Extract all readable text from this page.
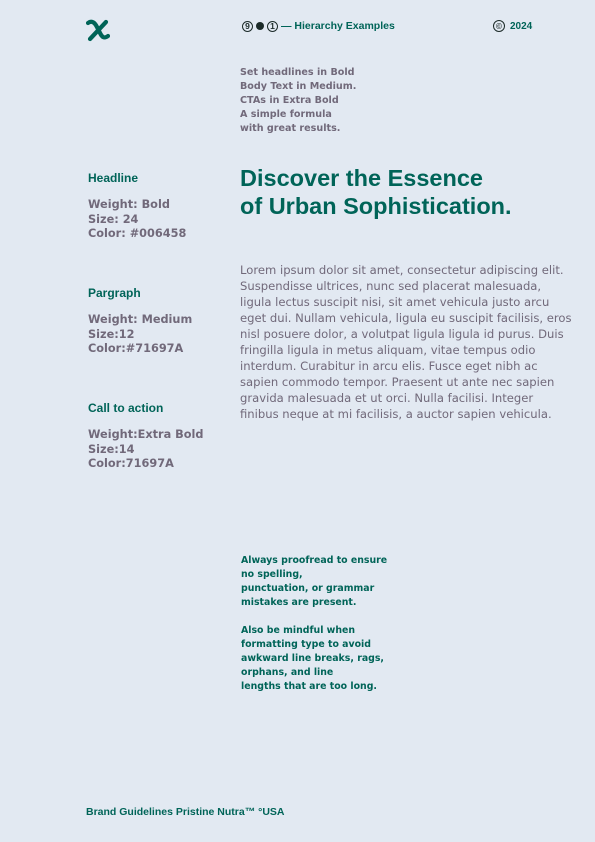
9	1 — Hierarchy Examples	© 2024
Set headlines in Bold
Body Text in Medium.
CTAs in Extra Bold
A simple formula
with great results.
Headline
Weight: Bold
Size: 24
Color: #006458
Pargraph
Weight: Medium
Size:12
Color:#71697A
Call to action
Weight:Extra Bold
Size:14
Color:71697A
Discover the Essence
of Urban Sophistication.
Lorem ipsum dolor sit amet, consectetur adipiscing elit. Suspendisse ultrices, nunc sed placerat malesuada, ligula lectus suscipit nisi, sit amet vehicula justo arcu eget dui. Nullam vehicula, ligula eu suscipit facilisis, eros nisl posuere dolor, a volutpat ligula ligula id purus. Duis fringilla ligula in metus aliquam, vitae tempus odio interdum. Curabitur in arcu elis. Fusce eget nibh ac sapien commodo tempor. Praesent ut ante nec sapien gravida malesuada et ut orci. Nulla facilisi. Integer finibus neque at mi facilisis, a auctor sapien vehicula.
Always proofread to ensure
no spelling,
punctuation, or grammar
mistakes are present.
Also be mindful when
formatting type to avoid
awkward line breaks, rags,
orphans, and line
lengths that are too long.
Brand Guidelines Pristine Nutra™ °USA
